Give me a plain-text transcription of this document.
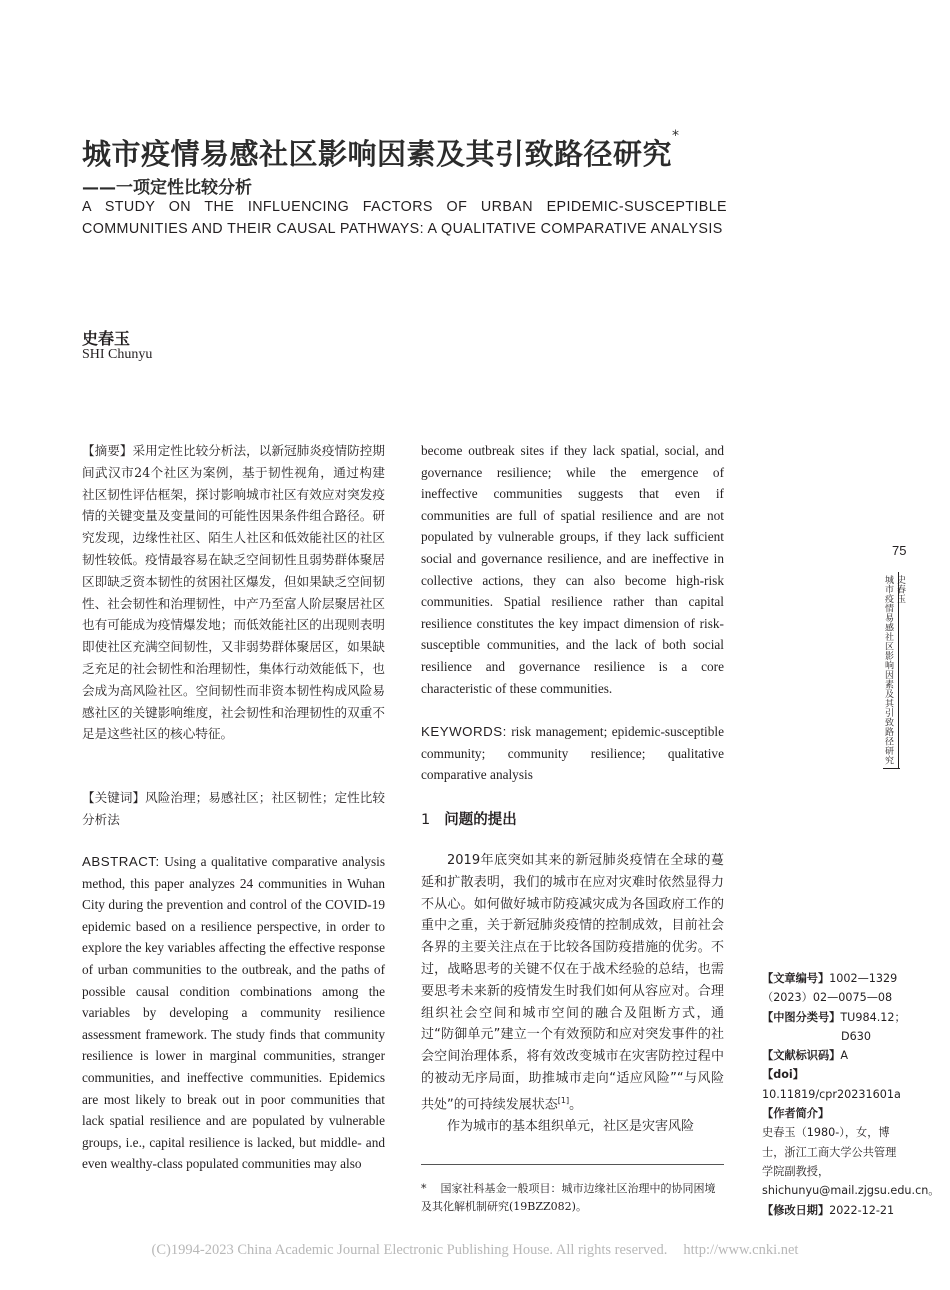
城市疫情易感社区影响因素及其引致路径研究*
——一项定性比较分析
A STUDY ON THE INFLUENCING FACTORS OF URBAN EPIDEMIC-SUSCEPTIBLE COMMUNITIES AND THEIR CAUSAL PATHWAYS: A QUALITATIVE COMPARATIVE ANALYSIS
史春玉
SHI Chunyu
【摘要】采用定性比较分析法，以新冠肺炎疫情防控期间武汉市24个社区为案例，基于韧性视角，通过构建社区韧性评估框架，探讨影响城市社区有效应对突发疫情的关键变量及变量间的可能性因果条件组合路径。研究发现，边缘性社区、陌生人社区和低效能社区的社区韧性较低。疫情最容易在缺乏空间韧性且弱势群体聚居区即缺乏资本韧性的贫困社区爆发，但如果缺乏空间韧性、社会韧性和治理韧性，中产乃至富人阶层聚居社区也有可能成为疫情爆发地；而低效能社区的出现则表明即使社区充满空间韧性，又非弱势群体聚居区，如果缺乏充足的社会韧性和治理韧性，集体行动效能低下，也会成为高风险社区。空间韧性而非资本韧性构成风险易感社区的关键影响维度，社会韧性和治理韧性的双重不足是这些社区的核心特征。
【关键词】风险治理；易感社区；社区韧性；定性比较分析法
ABSTRACT: Using a qualitative comparative analysis method, this paper analyzes 24 communities in Wuhan City during the prevention and control of the COVID-19 epidemic based on a resilience perspective, in order to explore the key variables affecting the effective response of urban communities to the outbreak, and the paths of possible causal condition combinations among the variables by developing a community resilience assessment framework. The study finds that community resilience is lower in marginal communities, stranger communities, and ineffective communities. Epidemics are most likely to break out in poor communities that lack spatial resilience and are populated by vulnerable groups, i.e., capital resilience is lacked, but middle- and even wealthy-class populated communities may also
become outbreak sites if they lack spatial, social, and governance resilience; while the emergence of ineffective communities suggests that even if communities are full of spatial resilience and are not populated by vulnerable groups, if they lack sufficient social and governance resilience, and are ineffective in collective actions, they can also become high-risk communities. Spatial resilience rather than capital resilience constitutes the key impact dimension of risk-susceptible communities, and the lack of both social resilience and governance resilience is a core characteristic of these communities.
KEYWORDS: risk management; epidemic-susceptible community; community resilience; qualitative comparative analysis
1 问题的提出

2019年底突如其来的新冠肺炎疫情在全球的蔓延和扩散表明，我们的城市在应对灾难时依然显得力不从心。如何做好城市防疫减灾成为各国政府工作的重中之重，关于新冠肺炎疫情的控制成效，目前社会各界的主要关注点在于比较各国防疫措施的优劣。不过，战略思考的关键不仅在于战术经验的总结，也需要思考未来新的疫情发生时我们如何从容应对。合理组织社会空间和城市空间的融合及阻断方式，通过“防御单元”建立一个有效预防和应对突发事件的社会空间治理体系，将有效改变城市在灾害防控过程中的被动无序局面，助推城市走向“适应风险”“与风险共处”的可持续发展状态[1]。

作为城市的基本组织单元，社区是灾害风险

* 国家社科基金一般项目：城市边缘社区治理中的协同困境及其化解机制研究(19BZZ082)。
75
史春玉
城市疫情易感社区影响因素及其引致路径研究
【文章编号】1002—1329（2023）02—0075—08
【中图分类号】TU984.12；
D630
【文献标识码】A
【doi】10.11819/cpr20231601a
【作者简介】
史春玉（1980-），女，博士，浙江工商大学公共管理学院副教授，shichunyu@mail.zjgsu.edu.cn。
【修改日期】2022-12-21
(C)1994-2023 China Academic Journal Electronic Publishing House. All rights reserved. http://www.cnki.net
